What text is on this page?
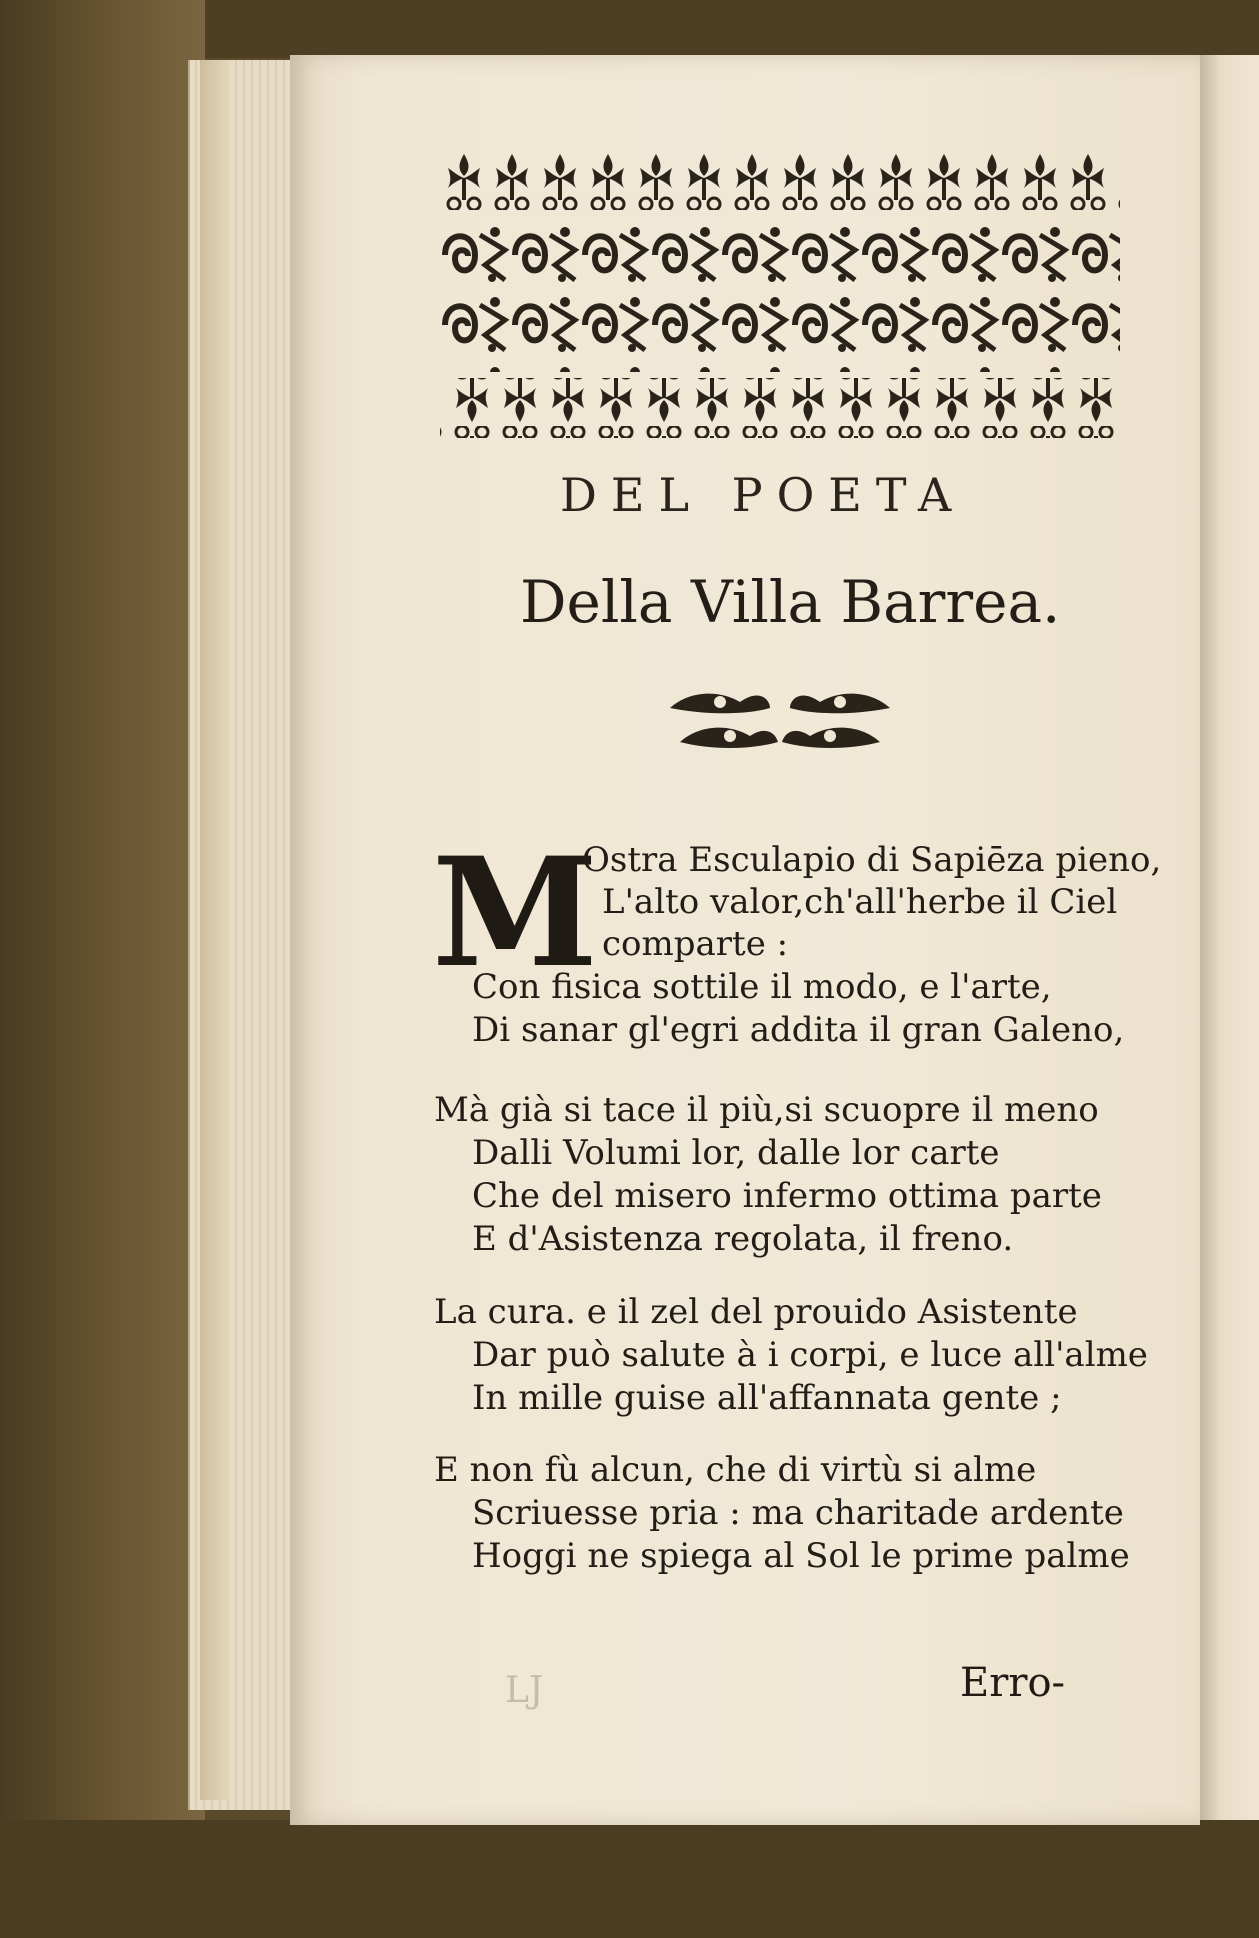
DEL POETA
Della Villa Barrea.
M
Ostra Esculapio di Sapiēza pieno,
L'alto valor,ch'all'herbe il Ciel
comparte :
Con fisica sottile il modo, e l'arte,
Di sanar gl'egri addita il gran Galeno,
Mà già si tace il più,si scuopre il meno
Dalli Volumi lor, dalle lor carte
Che del misero infermo ottima parte
E d'Asistenza regolata, il freno.
La cura. e il zel del prouido Asistente
Dar può salute à i corpi, e luce all'alme
In mille guise all'affannata gente ;
E non fù alcun, che di virtù si alme
Scriuesse pria : ma charitade ardente
Hoggi ne spiega al Sol le prime palme
LJ	Erro-
